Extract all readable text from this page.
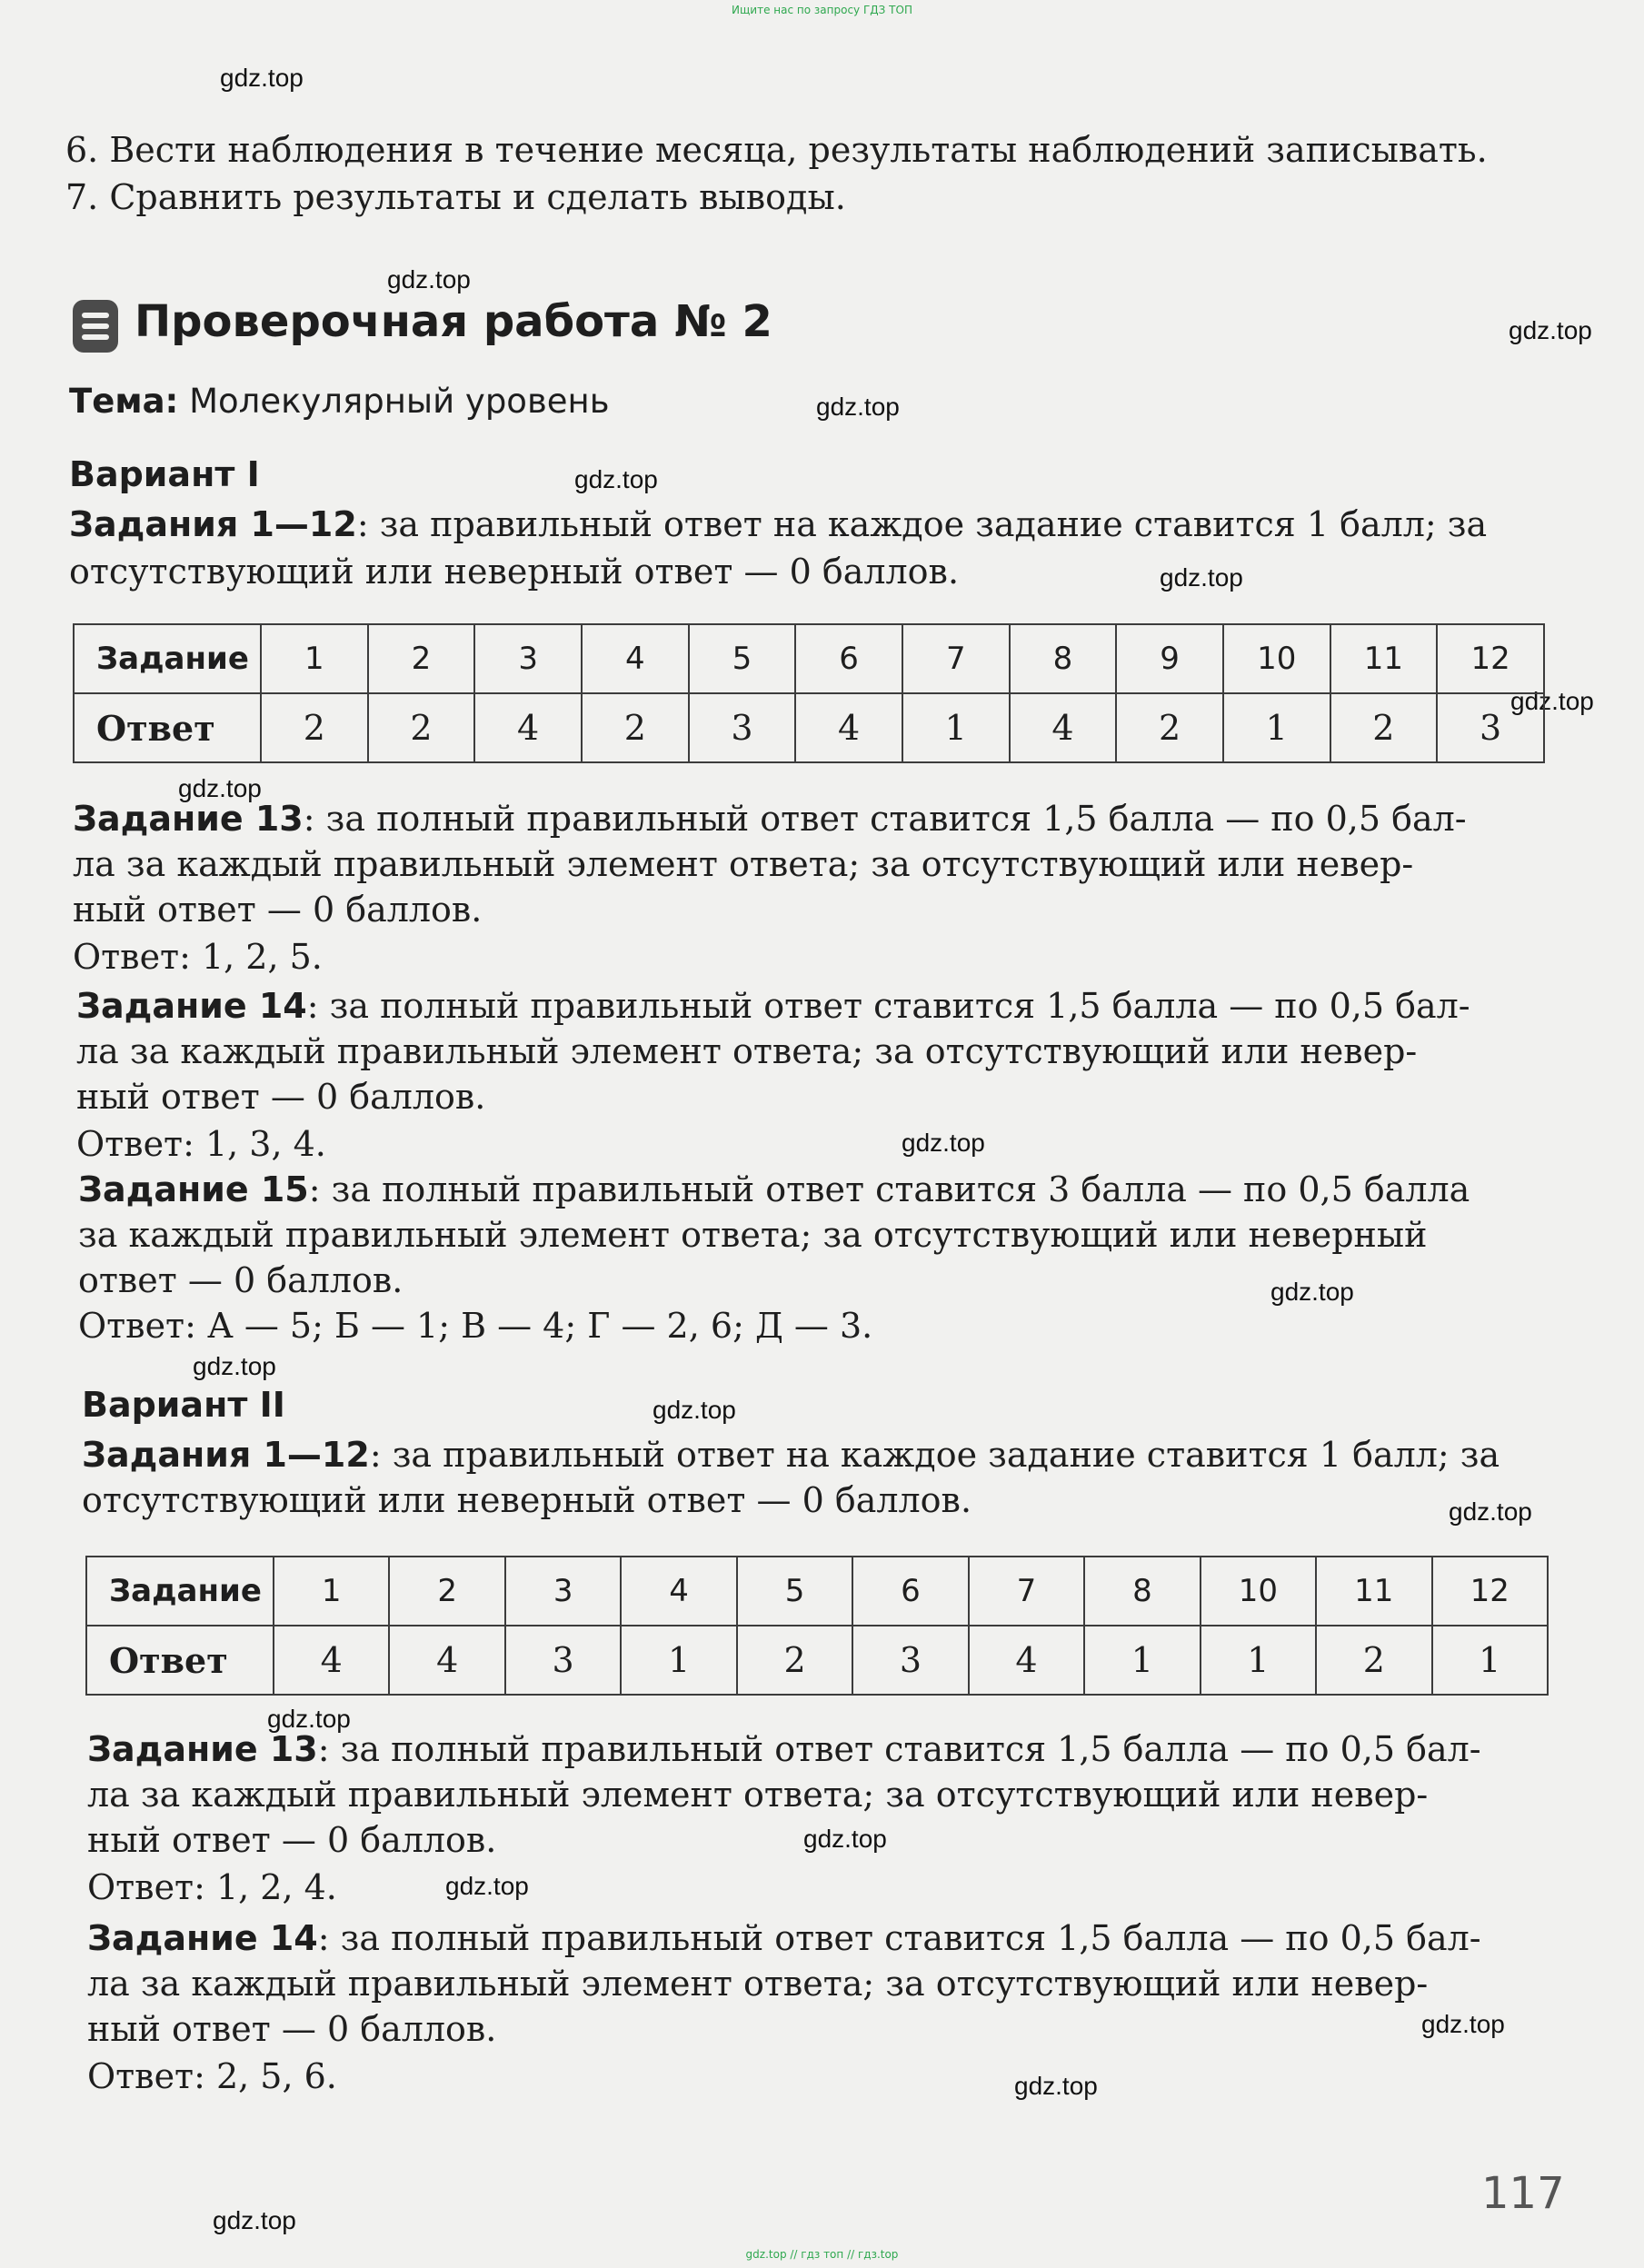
Ищите нас по запросу ГДЗ ТОП
gdz.top
gdz.top
gdz.top
gdz.top
gdz.top
gdz.top
gdz.top
gdz.top
gdz.top
gdz.top
gdz.top
gdz.top
gdz.top
gdz.top
gdz.top
gdz.top
gdz.top
gdz.top
gdz.top
6. Вести наблюдения в течение месяца, результаты наблюдений записывать.
7. Сравнить результаты и сделать выводы.
Проверочная работа № 2
Тема: Молекулярный уровень
Вариант I
Задания 1—12: за правильный ответ на каждое задание ставится 1 балл; за
отсутствующий или неверный ответ — 0 баллов.
Задание	1	2	3	4	5	6	7	8	9	10	11	12
Ответ	2	2	4	2	3	4	1	4	2	1	2	3
Задание 13: за полный правильный ответ ставится 1,5 балла — по 0,5 бал-
ла за каждый правильный элемент ответа; за отсутствующий или невер-
ный ответ — 0 баллов.
Ответ: 1, 2, 5.
Задание 14: за полный правильный ответ ставится 1,5 балла — по 0,5 бал-
ла за каждый правильный элемент ответа; за отсутствующий или невер-
ный ответ — 0 баллов.
Ответ: 1, 3, 4.
Задание 15: за полный правильный ответ ставится 3 балла — по 0,5 балла
за каждый правильный элемент ответа; за отсутствующий или неверный
ответ — 0 баллов.
Ответ: А — 5; Б — 1; В — 4; Г — 2, 6; Д — 3.
Вариант II
Задания 1—12: за правильный ответ на каждое задание ставится 1 балл; за
отсутствующий или неверный ответ — 0 баллов.
Задание	1	2	3	4	5	6	7	8	10	11	12
Ответ	4	4	3	1	2	3	4	1	1	2	1
Задание 13: за полный правильный ответ ставится 1,5 балла — по 0,5 бал-
ла за каждый правильный элемент ответа; за отсутствующий или невер-
ный ответ — 0 баллов.
Ответ: 1, 2, 4.
Задание 14: за полный правильный ответ ставится 1,5 балла — по 0,5 бал-
ла за каждый правильный элемент ответа; за отсутствующий или невер-
ный ответ — 0 баллов.
Ответ: 2, 5, 6.
117
gdz.top // гдз топ // гдз.top
